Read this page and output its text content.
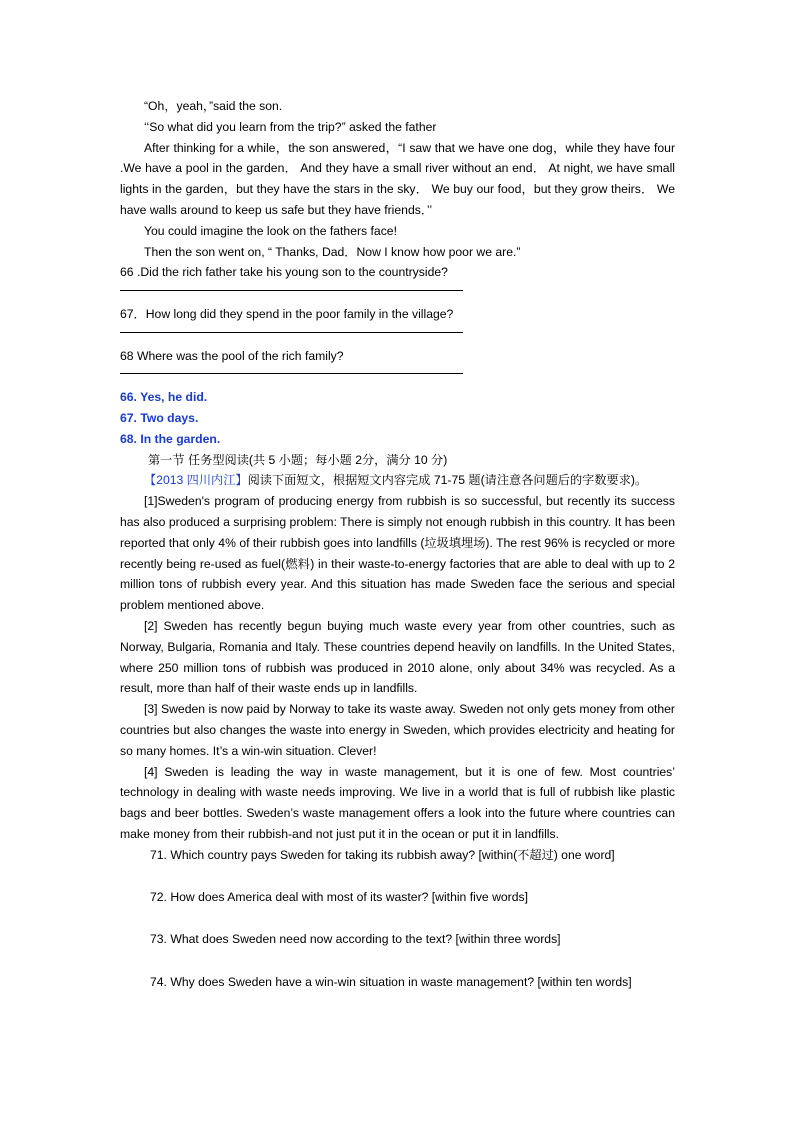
“Oh，yeah，”said the son.
‘‘So what did you learn from the trip?” asked the father
After thinking for a while，the son answered，“I saw that we have one dog，while they have four .We have a pool in the garden． And they have a small river without an end． At night, we have small lights in the garden，but they have the stars in the sky． We buy our food，but they grow theirs． We have walls around to keep us safe but they have friends．’’
You could imagine the look on the fathers face!
Then the son went on, “ Thanks, Dad．Now I know how poor we are.”
66 .Did the rich father take his young son to the countryside?
67．How long did they spend in the poor family in the village?
68 Where was the pool of the rich family?
66. Yes, he did.
67. Two days.
68. In the garden.
第一节 任务型阅读(共 5 小题；每小题 2分，满分 10 分)
【2013 四川内江】阅读下面短文，根据短文内容完成 71-75 题(请注意各问题后的字数要求)。
[1]Sweden's program of producing energy from rubbish is so successful, but recently its success has also produced a surprising problem: There is simply not enough rubbish in this country. It has been reported that only 4% of their rubbish goes into landfills (垃圾填埋场). The rest 96% is recycled or more recently being re-used as fuel(燃料) in their waste-to-energy factories that are able to deal with up to 2 million tons of rubbish every year. And this situation has made Sweden face the serious and special problem mentioned above.
[2] Sweden has recently begun buying much waste every year from other countries, such as Norway, Bulgaria, Romania and Italy. These countries depend heavily on landfills. In the United States, where 250 million tons of rubbish was produced in 2010 alone, only about 34% was recycled. As a result, more than half of their waste ends up in landfills.
[3] Sweden is now paid by Norway to take its waste away. Sweden not only gets money from other countries but also changes the waste into energy in Sweden, which provides electricity and heating for so many homes. It’s a win-win situation. Clever!
[4] Sweden is leading the way in waste management, but it is one of few. Most countries’ technology in dealing with waste needs improving. We live in a world that is full of rubbish like plastic bags and beer bottles. Sweden’s waste management offers a look into the future where countries can make money from their rubbish-and not just put it in the ocean or put it in landfills.
71. Which country pays Sweden for taking its rubbish away? [within(不超过) one word]
72. How does America deal with most of its waster? [within five words]
73. What does Sweden need now according to the text? [within three words]
74. Why does Sweden have a win-win situation in waste management? [within ten words]
